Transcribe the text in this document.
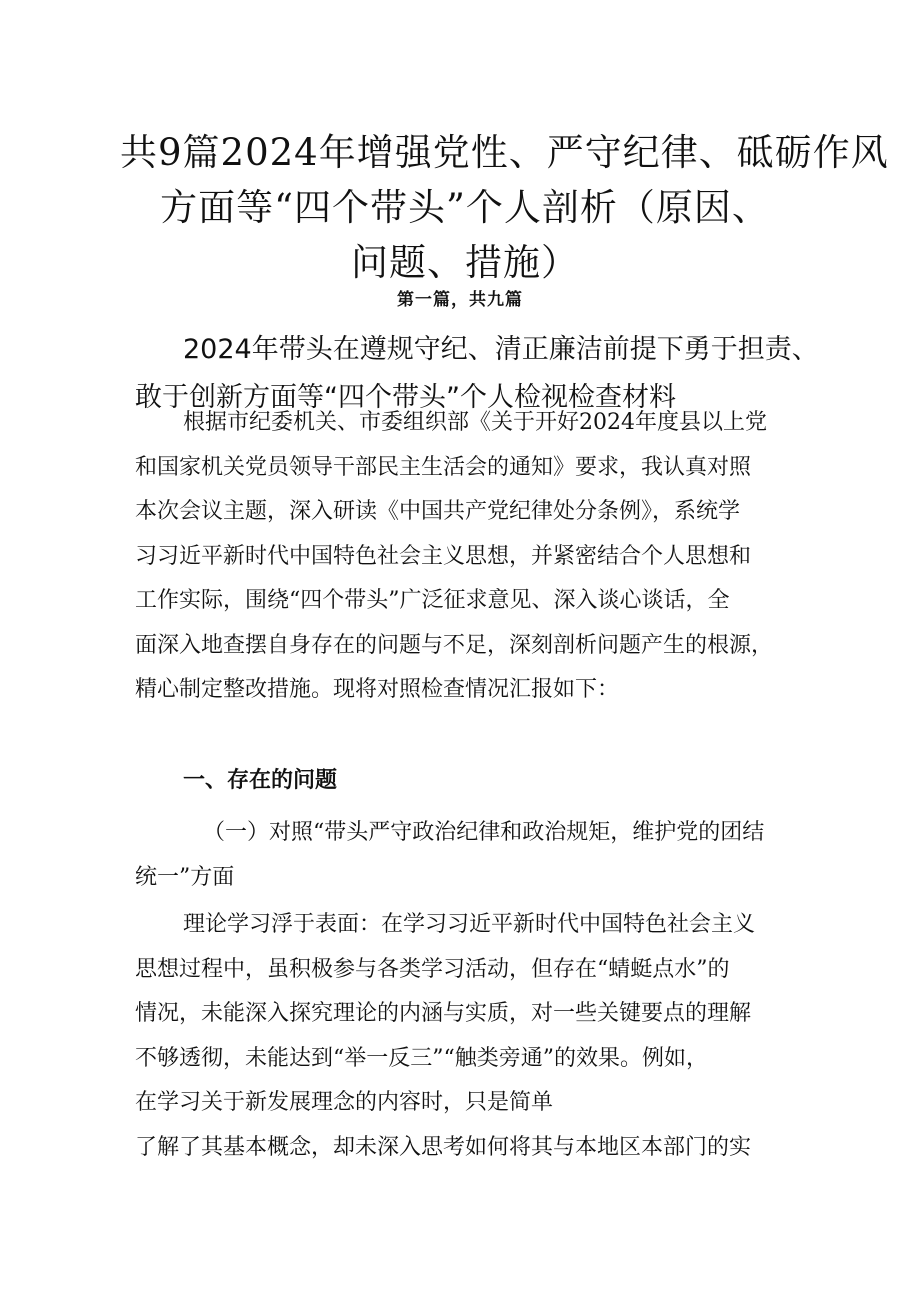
共9篇2024年增强党性、严守纪律、砥砺作风
方面等“四个带头”个人剖析（原因、
问题、措施）
第一篇，共九篇
2024年带头在遵规守纪、清正廉洁前提下勇于担责、
敢于创新方面等“四个带头”个人检视检查材料
根据市纪委机关、市委组织部《关于开好2024年度县以上党
和国家机关党员领导干部民主生活会的通知》要求，我认真对照
本次会议主题，深入研读《中国共产党纪律处分条例》，系统学
习习近平新时代中国特色社会主义思想，并紧密结合个人思想和
工作实际，围绕“四个带头”广泛征求意见、深入谈心谈话，全
面深入地查摆自身存在的问题与不足，深刻剖析问题产生的根源，
精心制定整改措施。现将对照检查情况汇报如下：
一、存在的问题
（一）对照“带头严守政治纪律和政治规矩，维护党的团结
统一”方面
理论学习浮于表面：在学习习近平新时代中国特色社会主义
思想过程中，虽积极参与各类学习活动，但存在“蜻蜓点水”的
情况，未能深入探究理论的内涵与实质，对一些关键要点的理解
不够透彻，未能达到“举一反三”“触类旁通”的效果。例如，
在学习关于新发展理念的内容时，只是简单
了解了其基本概念，却未深入思考如何将其与本地区本部门的实
